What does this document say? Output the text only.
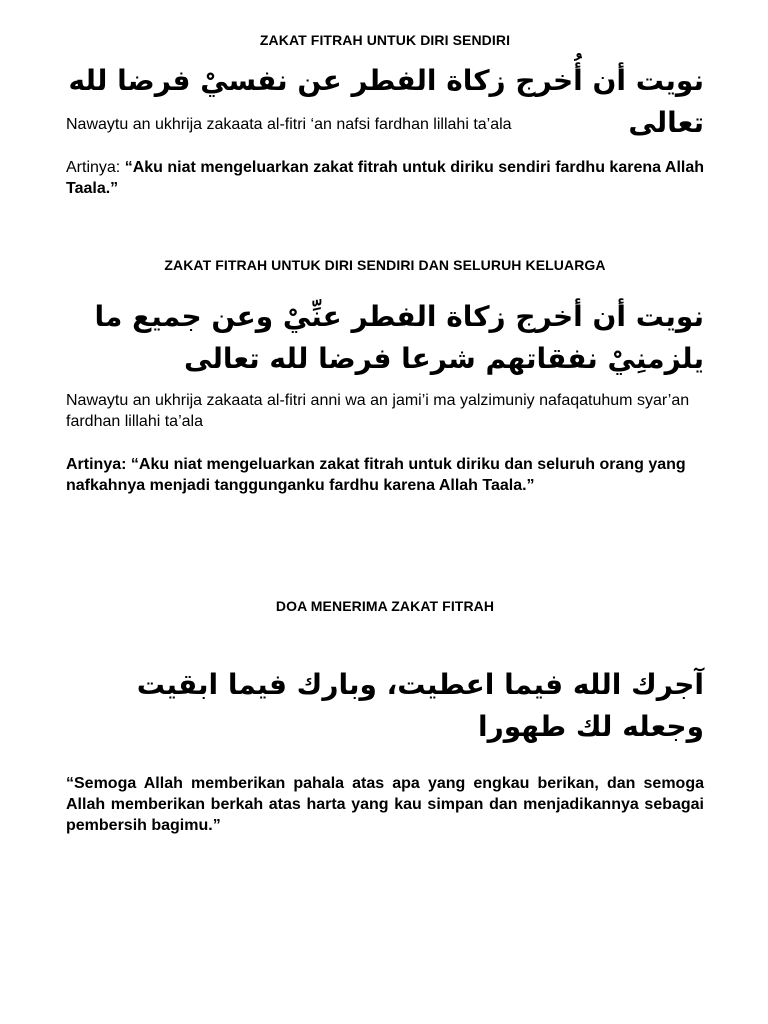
ZAKAT FITRAH UNTUK DIRI SENDIRI

نويت أن أُخرج زكاة الفطر عن نفسيْ فرضا لله تعالى

Nawaytu an ukhrija zakaata al-fitri ‘an nafsi fardhan lillahi ta’ala

Artinya: “Aku niat mengeluarkan zakat fitrah untuk diriku sendiri fardhu karena Allah Taala.”

ZAKAT FITRAH UNTUK DIRI SENDIRI DAN SELURUH KELUARGA

نويت أن أخرج زكاة الفطر عنِّيْ وعن جميع ما يلزمنِيْ نفقاتهم شرعا فرضا لله تعالى

Nawaytu an ukhrija zakaata al-fitri anni wa an jami’i ma yalzimuniy nafaqatuhum syar’an fardhan lillahi ta’ala

Artinya: “Aku niat mengeluarkan zakat fitrah untuk diriku dan seluruh orang yang nafkahnya menjadi tanggunganku fardhu karena Allah Taala.”

DOA MENERIMA ZAKAT FITRAH

آجرك الله فيما اعطيت، وبارك فيما ابقيت وجعله لك طهورا

“Semoga Allah memberikan pahala atas apa yang engkau berikan, dan semoga Allah memberikan berkah atas harta yang kau simpan dan menjadikannya sebagai pembersih bagimu.”
